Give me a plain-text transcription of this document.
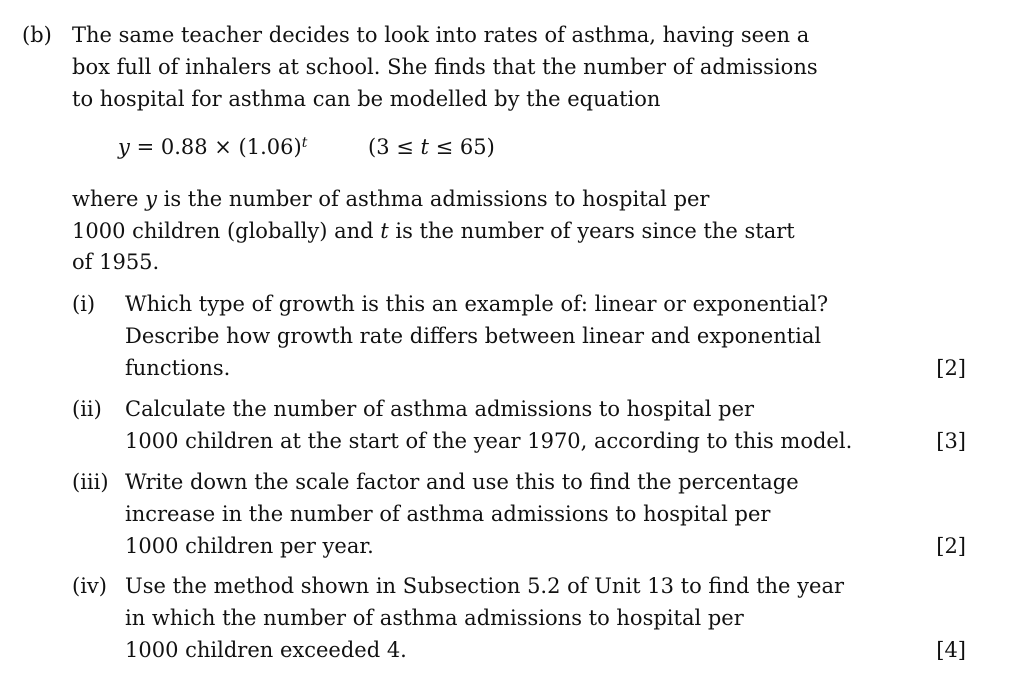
(b) The same teacher decides to look into rates of asthma, having seen a
box full of inhalers at school. She finds that the number of admissions
to hospital for asthma can be modelled by the equation
$y = 0.88 \times (1.06)^t$	(3 ≤ t ≤ 65)
where y is the number of asthma admissions to hospital per
1000 children (globally) and t is the number of years since the start
of 1955.
(i) Which type of growth is this an example of: linear or exponential?
Describe how growth rate differs between linear and exponential
functions.	[2]
(ii) Calculate the number of asthma admissions to hospital per
1000 children at the start of the year 1970, according to this model.	[3]
(iii) Write down the scale factor and use this to find the percentage
increase in the number of asthma admissions to hospital per
1000 children per year.	[2]
(iv) Use the method shown in Subsection 5.2 of Unit 13 to find the year
in which the number of asthma admissions to hospital per
1000 children exceeded 4.	[4]
